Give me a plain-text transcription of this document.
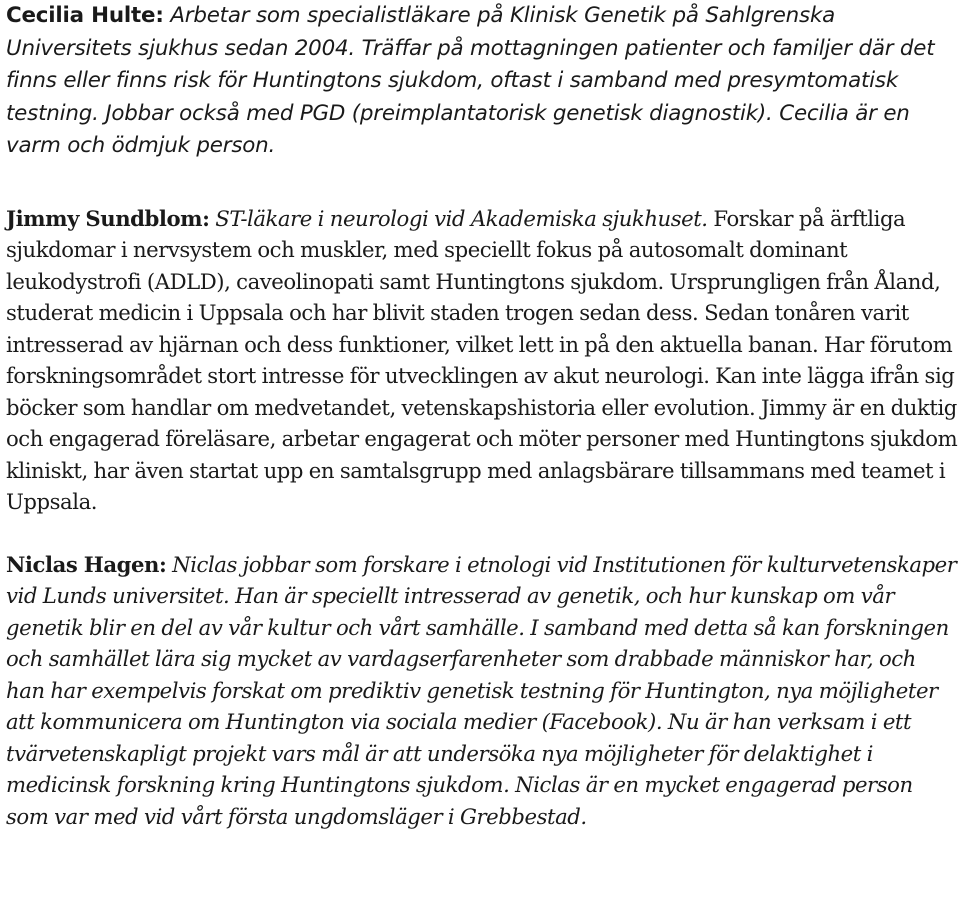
Cecilia Hulte: Arbetar som specialistläkare på Klinisk Genetik på Sahlgrenska Universitets sjukhus sedan 2004. Träffar på mottagningen patienter och familjer där det finns eller finns risk för Huntingtons sjukdom, oftast i samband med presymtomatisk testning. Jobbar också med PGD (preimplantatorisk genetisk diagnostik). Cecilia är en varm och ödmjuk person.

Jimmy Sundblom: ST-läkare i neurologi vid Akademiska sjukhuset. Forskar på ärftliga sjukdomar i nervsystem och muskler, med speciellt fokus på autosomalt dominant leukodystrofi (ADLD), caveolinopati samt Huntingtons sjukdom. Ursprungligen från Åland, studerat medicin i Uppsala och har blivit staden trogen sedan dess. Sedan tonåren varit intresserad av hjärnan och dess funktioner, vilket lett in på den aktuella banan. Har förutom forskningsområdet stort intresse för utvecklingen av akut neurologi. Kan inte lägga ifrån sig böcker som handlar om medvetandet, vetenskapshistoria eller evolution. Jimmy är en duktig och engagerad föreläsare, arbetar engagerat och möter personer med Huntingtons sjukdom kliniskt, har även startat upp en samtalsgrupp med anlagsbärare tillsammans med teamet i Uppsala.

Niclas Hagen: Niclas jobbar som forskare i etnologi vid Institutionen för kulturvetenskaper vid Lunds universitet. Han är speciellt intresserad av genetik, och hur kunskap om vår genetik blir en del av vår kultur och vårt samhälle. I samband med detta så kan forskningen och samhället lära sig mycket av vardagserfarenheter som drabbade människor har, och han har exempelvis forskat om prediktiv genetisk testning för Huntington, nya möjligheter att kommunicera om Huntington via sociala medier (Facebook). Nu är han verksam i ett tvärvetenskapligt projekt vars mål är att undersöka nya möjligheter för delaktighet i medicinsk forskning kring Huntingtons sjukdom. Niclas är en mycket engagerad person som var med vid vårt första ungdomsläger i Grebbestad.
